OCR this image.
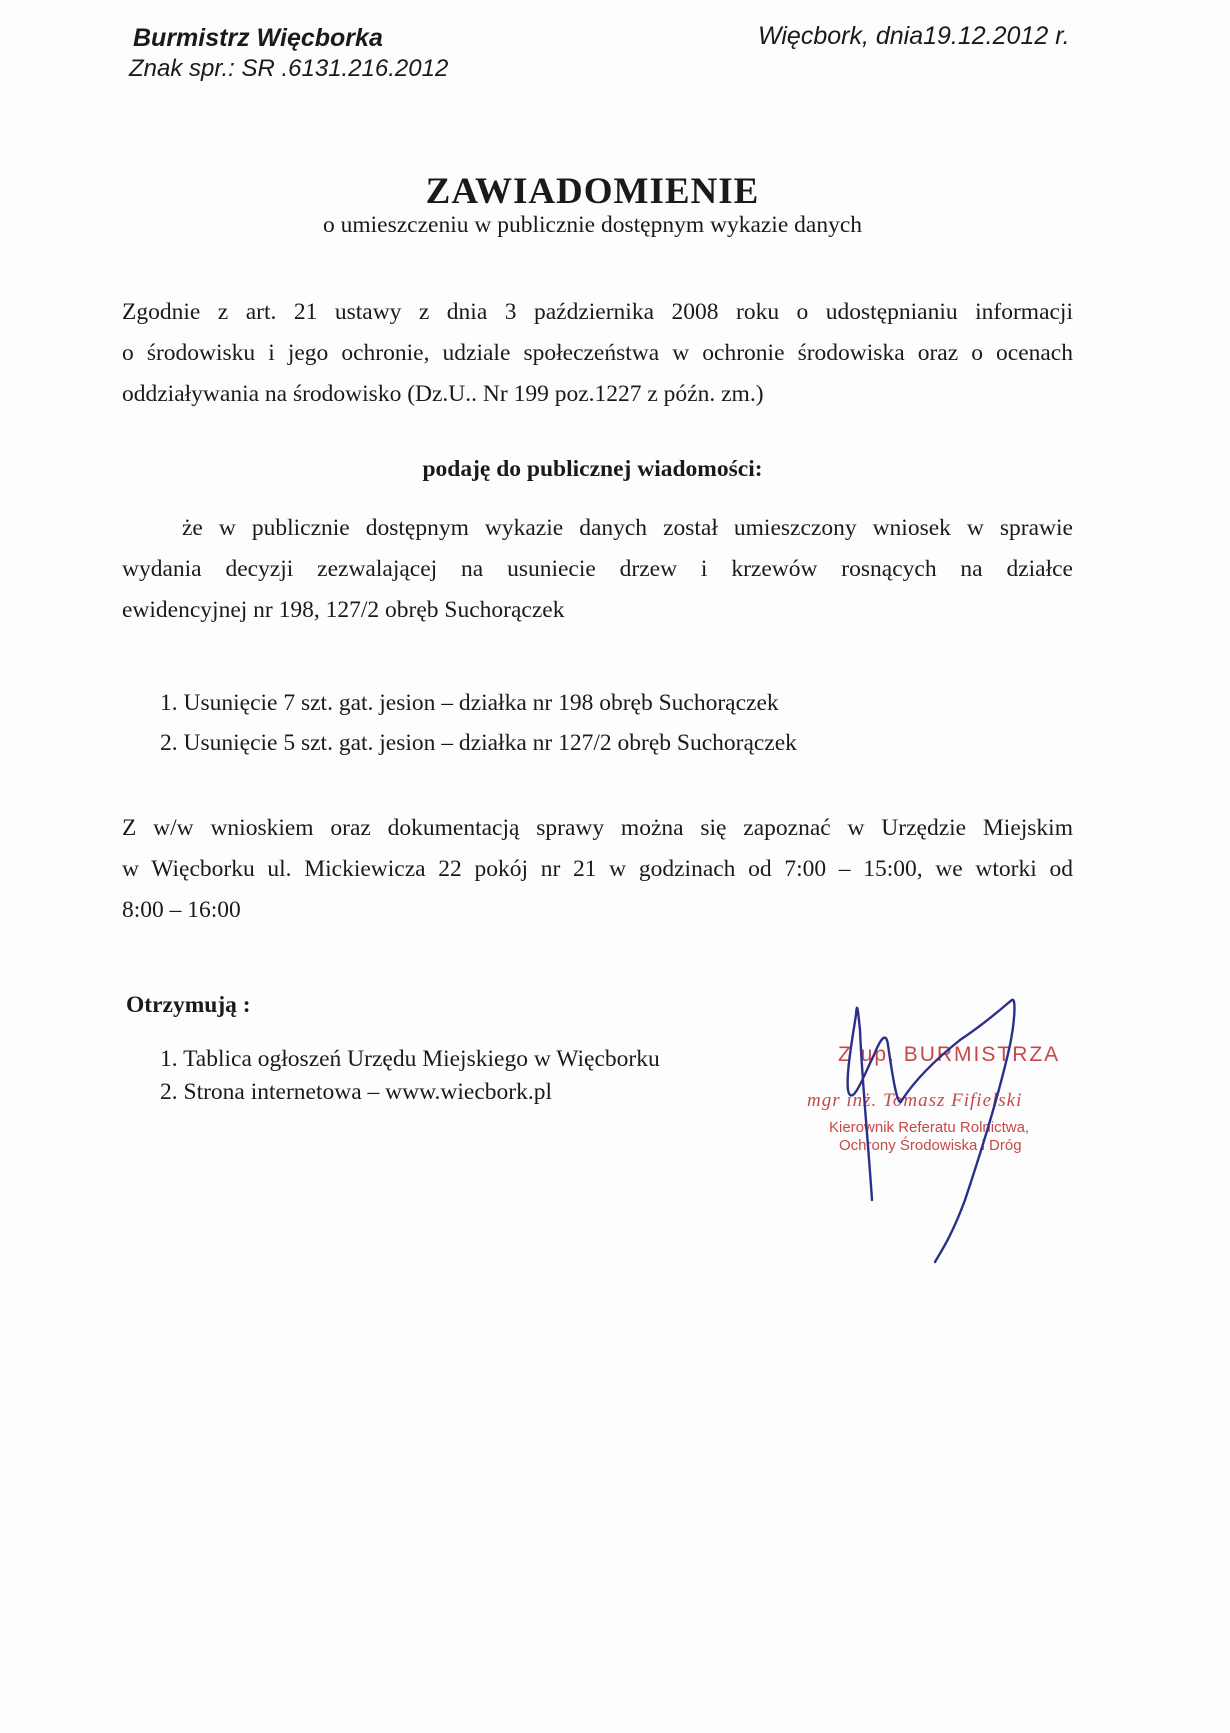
Burmistrz Więcborka
Znak spr.: SR .6131.216.2012
Więcbork, dnia19.12.2012 r.
ZAWIADOMIENIE
o umieszczeniu w publicznie dostępnym wykazie danych
Zgodnie z art. 21 ustawy z dnia 3 października 2008 roku o udostępnianiu informacji
o środowisku i jego ochronie, udziale społeczeństwa w ochronie środowiska oraz o ocenach
oddziaływania na środowisko (Dz.U.. Nr 199 poz.1227 z późn. zm.)
podaję do publicznej wiadomości:
że w publicznie dostępnym wykazie danych został umieszczony wniosek w sprawie
wydania decyzji zezwalającej na usuniecie drzew i krzewów rosnących na działce
ewidencyjnej nr 198, 127/2 obręb Suchorączek
1. Usunięcie 7 szt. gat. jesion – działka nr 198 obręb Suchorączek
2. Usunięcie 5 szt. gat. jesion – działka nr 127/2 obręb Suchorączek
Z w/w wnioskiem oraz dokumentacją sprawy można się zapoznać w Urzędzie Miejskim
w Więcborku ul. Mickiewicza 22 pokój nr 21 w godzinach od 7:00 – 15:00, we wtorki od
8:00 – 16:00
Otrzymują :
1. Tablica ogłoszeń Urzędu Miejskiego w Więcborku
2. Strona internetowa – www.wiecbork.pl
Z up. BURMISTRZA
mgr inż. Tomasz Fifielski
Kierownik Referatu Rolnictwa,
Ochrony Środowiska i Dróg
